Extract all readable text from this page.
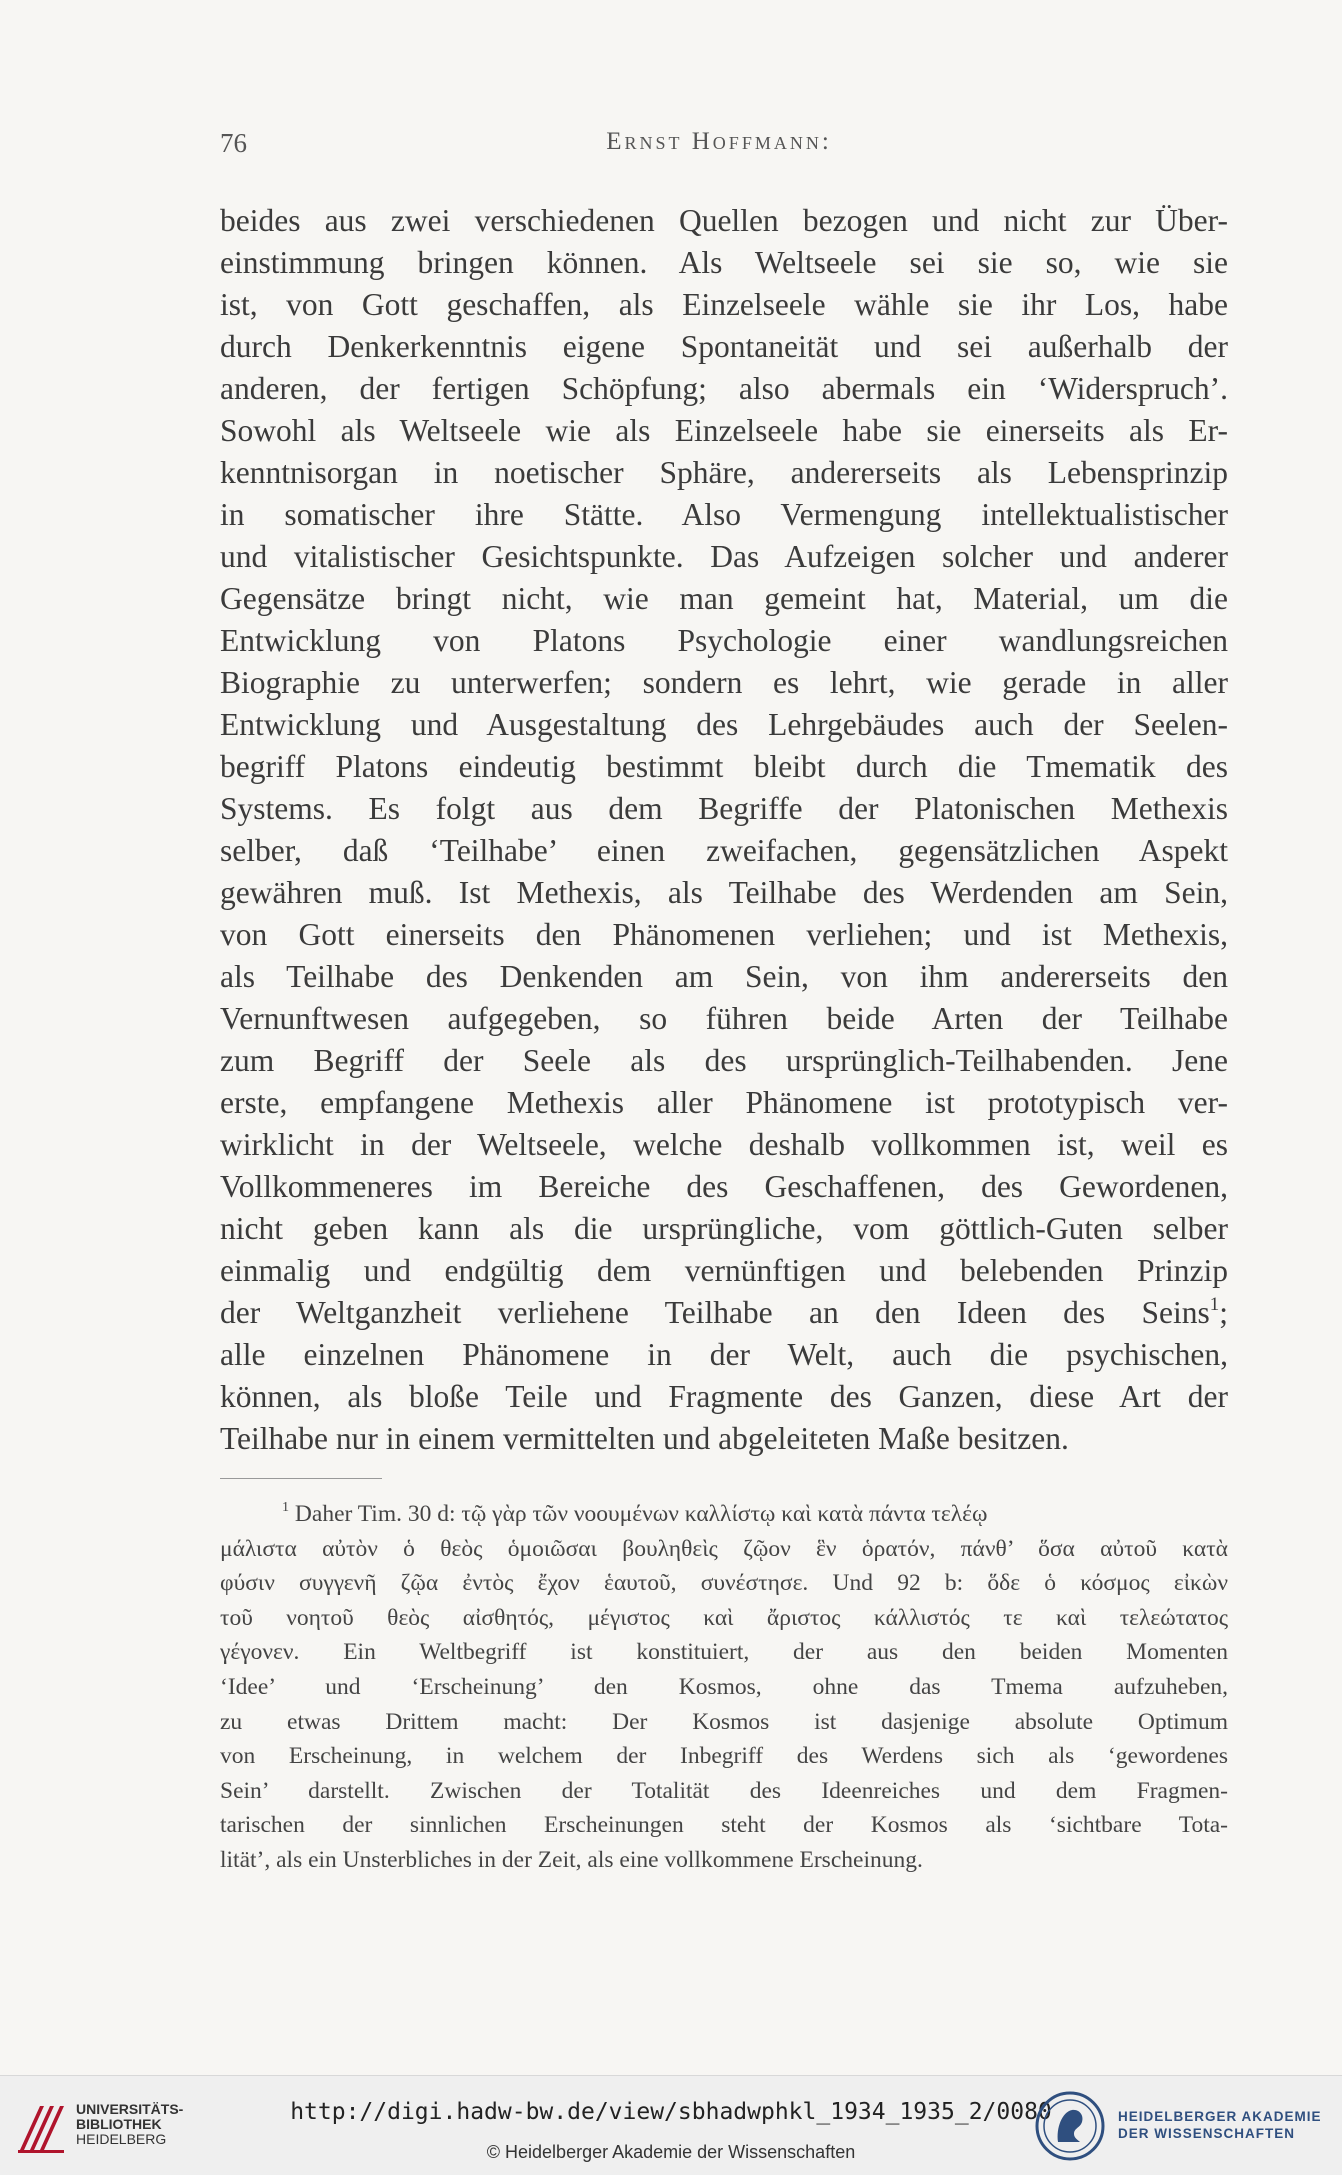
76	Ernst Hoffmann:
beides aus zwei verschiedenen Quellen bezogen und nicht zur Über-
einstimmung bringen können. Als Weltseele sei sie so, wie sie
ist, von Gott geschaffen, als Einzelseele wähle sie ihr Los, habe
durch Denkerkenntnis eigene Spontaneität und sei außerhalb der
anderen, der fertigen Schöpfung; also abermals ein ‘Widerspruch’.
Sowohl als Weltseele wie als Einzelseele habe sie einerseits als Er-
kenntnisorgan in noetischer Sphäre, andererseits als Lebensprinzip
in somatischer ihre Stätte. Also Vermengung intellektualistischer
und vitalistischer Gesichtspunkte. Das Aufzeigen solcher und anderer
Gegensätze bringt nicht, wie man gemeint hat, Material, um die
Entwicklung von Platons Psychologie einer wandlungsreichen
Biographie zu unterwerfen; sondern es lehrt, wie gerade in aller
Entwicklung und Ausgestaltung des Lehrgebäudes auch der Seelen-
begriff Platons eindeutig bestimmt bleibt durch die Tmematik des
Systems. Es folgt aus dem Begriffe der Platonischen Methexis
selber, daß ‘Teilhabe’ einen zweifachen, gegensätzlichen Aspekt
gewähren muß. Ist Methexis, als Teilhabe des Werdenden am Sein,
von Gott einerseits den Phänomenen verliehen; und ist Methexis,
als Teilhabe des Denkenden am Sein, von ihm andererseits den
Vernunftwesen aufgegeben, so führen beide Arten der Teilhabe
zum Begriff der Seele als des ursprünglich-Teilhabenden. Jene
erste, empfangene Methexis aller Phänomene ist prototypisch ver-
wirklicht in der Weltseele, welche deshalb vollkommen ist, weil es
Vollkommeneres im Bereiche des Geschaffenen, des Gewordenen,
nicht geben kann als die ursprüngliche, vom göttlich-Guten selber
einmalig und endgültig dem vernünftigen und belebenden Prinzip
der Weltganzheit verliehene Teilhabe an den Ideen des Seins$^1$;
alle einzelnen Phänomene in der Welt, auch die psychischen,
können, als bloße Teile und Fragmente des Ganzen, diese Art der
Teilhabe nur in einem vermittelten und abgeleiteten Maße besitzen.
$^1$ Daher Tim. 30 d: τῷ γὰρ τῶν νοουμένων καλλίστῳ καὶ κατὰ πάντα τελέῳ
μάλιστα αὐτὸν ὁ θεὸς ὁμοιῶσαι βουληθεὶς ζῷον ἓν ὁρατόν, πάνθ’ ὅσα αὐτοῦ κατὰ
φύσιν συγγενῆ ζῷα ἐντὸς ἔχον ἑαυτοῦ, συνέστησε. Und 92 b: ὅδε ὁ κόσμος εἰκὼν
τοῦ νοητοῦ θεὸς αἰσθητός, μέγιστος καὶ ἄριστος κάλλιστός τε καὶ τελεώτατος
γέγονεν. Ein Weltbegriff ist konstituiert, der aus den beiden Momenten
‘Idee’ und ‘Erscheinung’ den Kosmos, ohne das Tmema aufzuheben,
zu etwas Drittem macht: Der Kosmos ist dasjenige absolute Optimum
von Erscheinung, in welchem der Inbegriff des Werdens sich als ‘gewordenes
Sein’ darstellt. Zwischen der Totalität des Ideenreiches und dem Fragmen-
tarischen der sinnlichen Erscheinungen steht der Kosmos als ‘sichtbare Tota-
lität’, als ein Unsterbliches in der Zeit, als eine vollkommene Erscheinung.
UNIVERSITÄTS-
BIBLIOTHEK
HEIDELBERG
http://digi.hadw-bw.de/view/sbhadwphkl_1934_1935_2/0080
© Heidelberger Akademie der Wissenschaften
HEIDELBERGER AKADEMIE
DER WISSENSCHAFTEN
